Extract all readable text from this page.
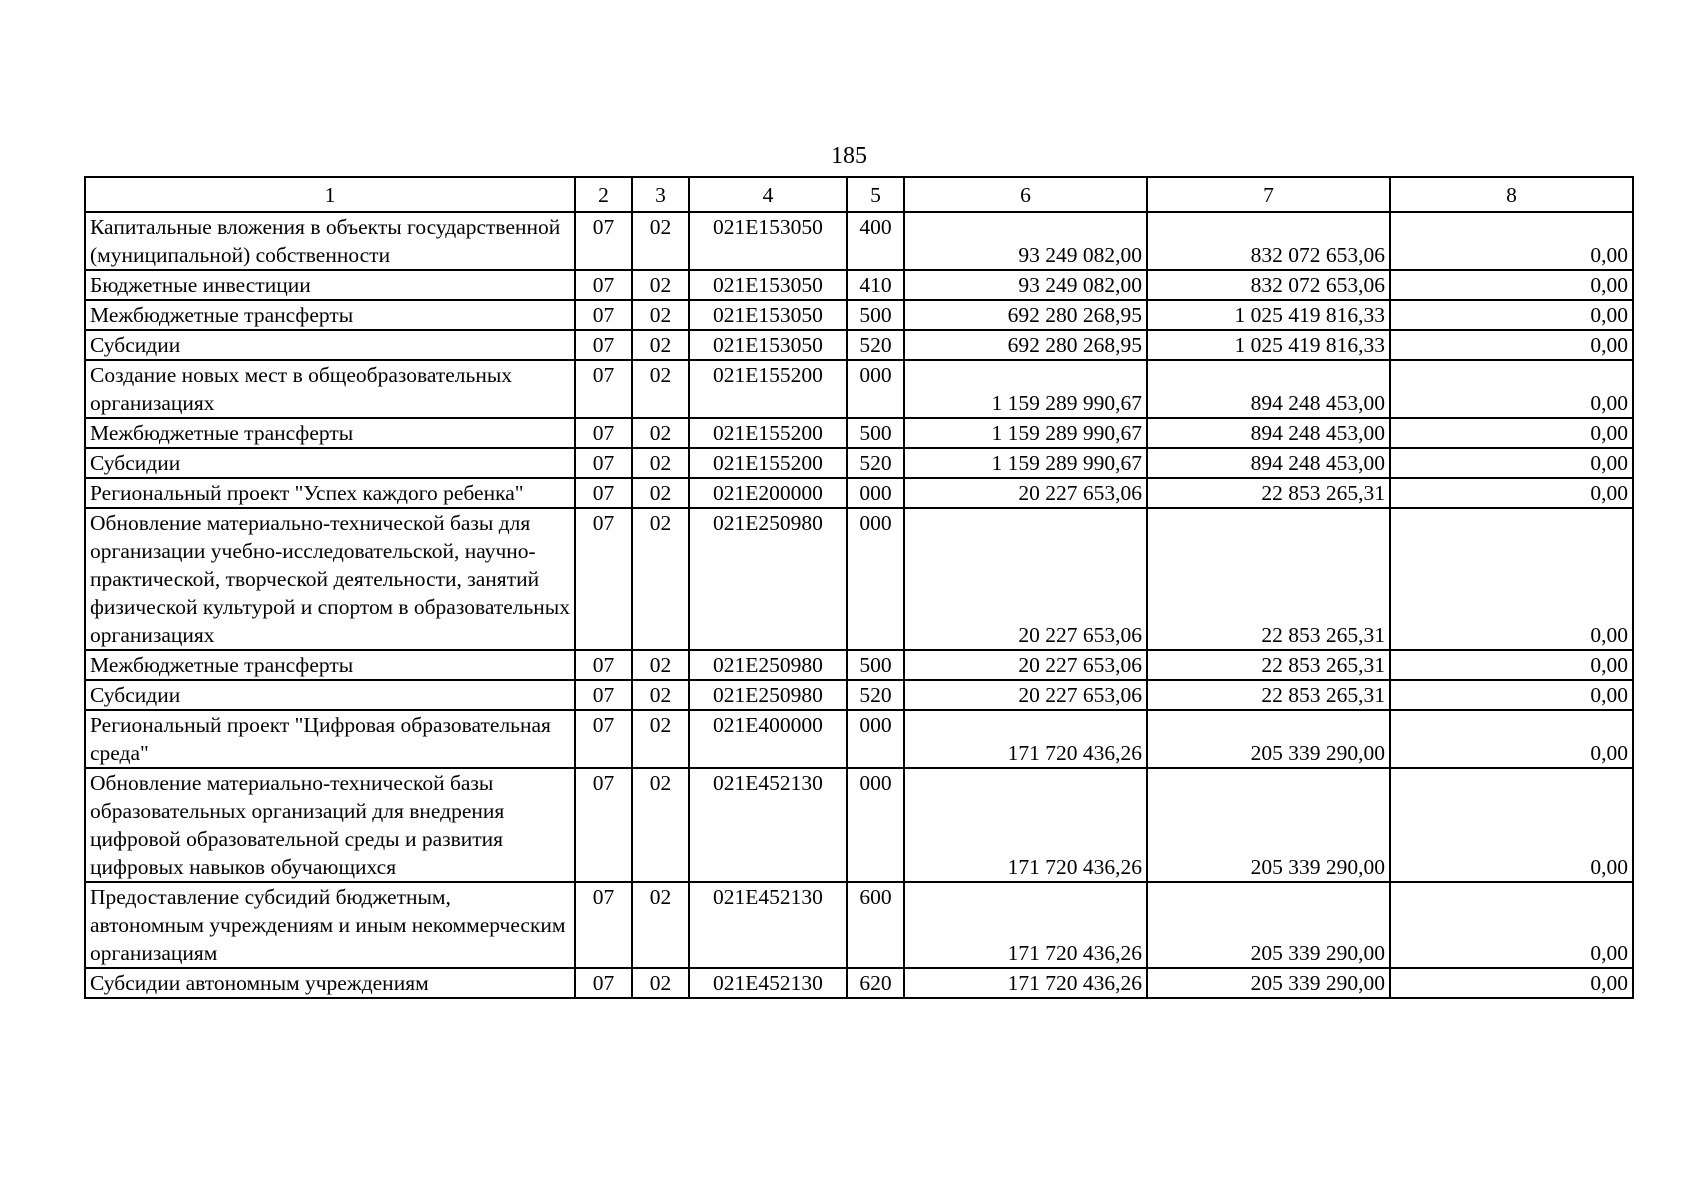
185
1	2	3	4	5	6	7	8
Капитальные вложения в объекты государственной (муниципальной) собственности	07	02	021E153050	400	93 249 082,00	832 072 653,06	0,00
Бюджетные инвестиции	07	02	021E153050	410	93 249 082,00	832 072 653,06	0,00
Межбюджетные трансферты	07	02	021E153050	500	692 280 268,95	1 025 419 816,33	0,00
Субсидии	07	02	021E153050	520	692 280 268,95	1 025 419 816,33	0,00
Создание новых мест в общеобразовательных организациях	07	02	021E155200	000	1 159 289 990,67	894 248 453,00	0,00
Межбюджетные трансферты	07	02	021E155200	500	1 159 289 990,67	894 248 453,00	0,00
Субсидии	07	02	021E155200	520	1 159 289 990,67	894 248 453,00	0,00
Региональный проект "Успех каждого ребенка"	07	02	021E200000	000	20 227 653,06	22 853 265,31	0,00
Обновление материально-технической базы для организации учебно-исследовательской, научно-практической, творческой деятельности, занятий физической культурой и спортом в образовательных организациях	07	02	021E250980	000	20 227 653,06	22 853 265,31	0,00
Межбюджетные трансферты	07	02	021E250980	500	20 227 653,06	22 853 265,31	0,00
Субсидии	07	02	021E250980	520	20 227 653,06	22 853 265,31	0,00
Региональный проект "Цифровая образовательная среда"	07	02	021E400000	000	171 720 436,26	205 339 290,00	0,00
Обновление материально-технической базы образовательных организаций для внедрения цифровой образовательной среды и развития цифровых навыков обучающихся	07	02	021E452130	000	171 720 436,26	205 339 290,00	0,00
Предоставление субсидий бюджетным, автономным учреждениям и иным некоммерческим организациям	07	02	021E452130	600	171 720 436,26	205 339 290,00	0,00
Субсидии автономным учреждениям	07	02	021E452130	620	171 720 436,26	205 339 290,00	0,00
